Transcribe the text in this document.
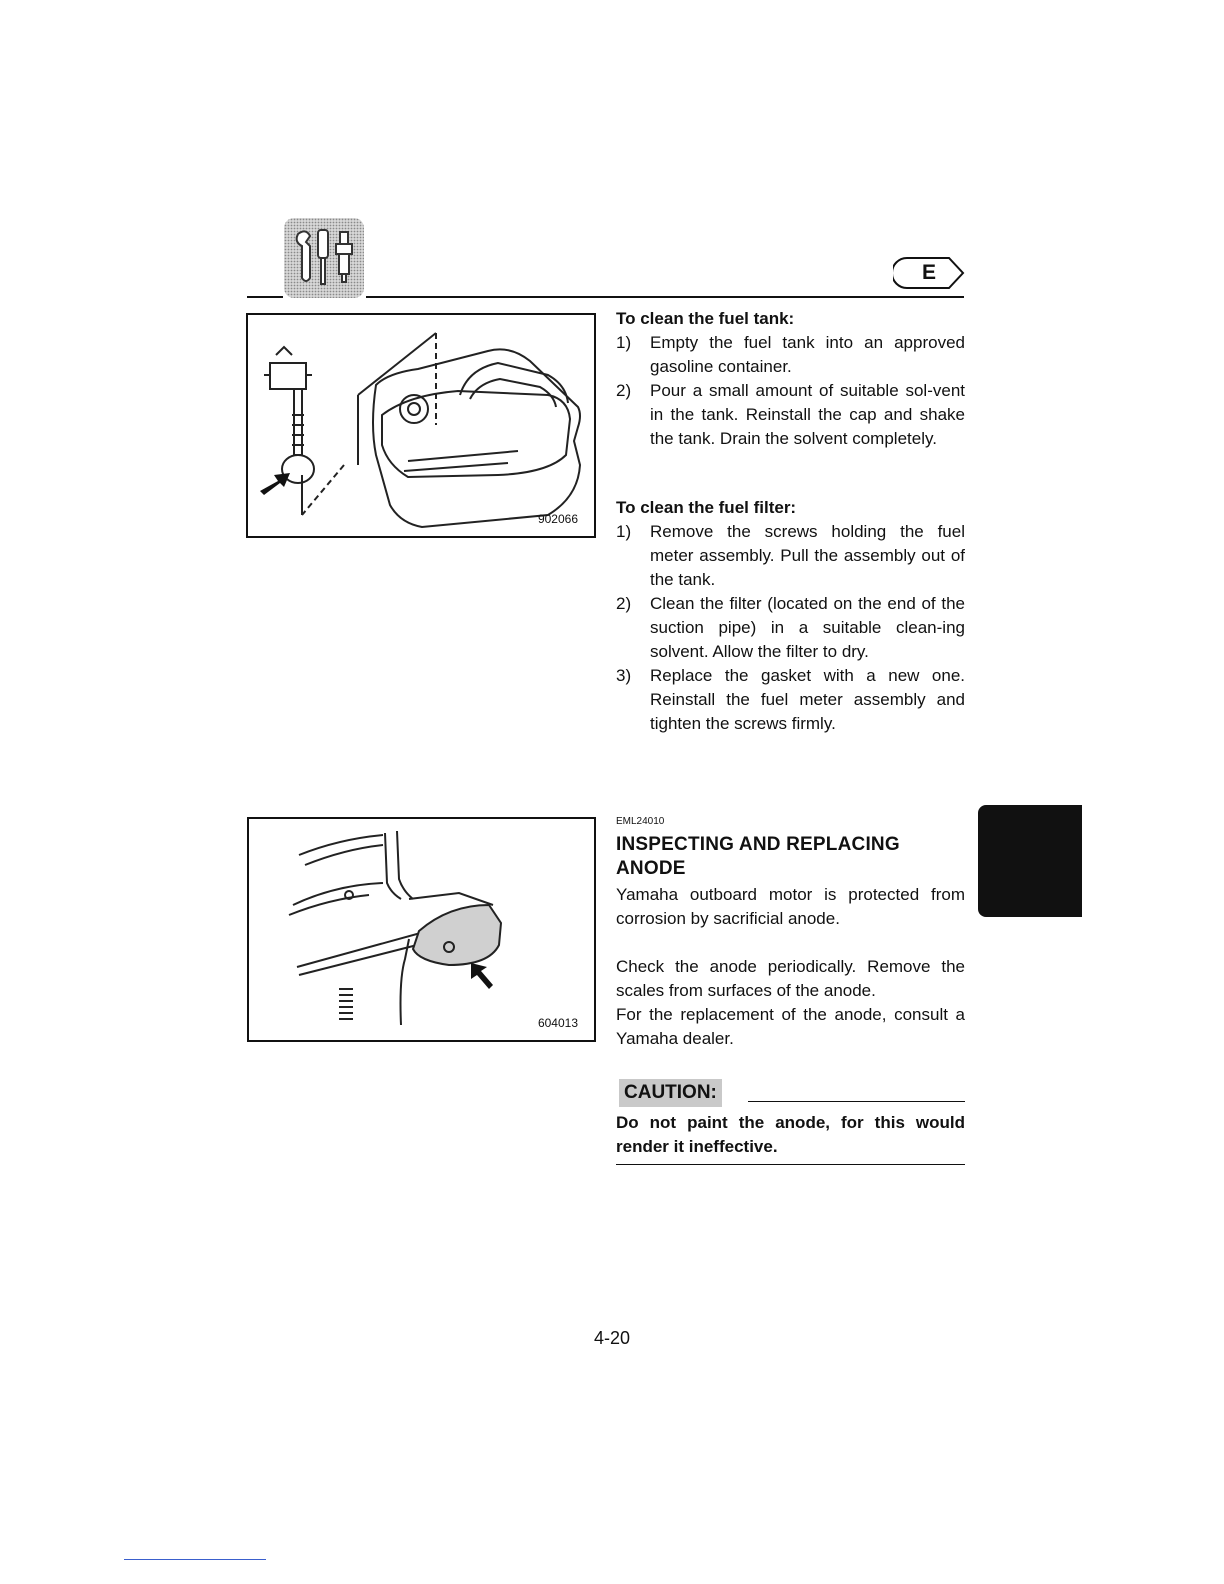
E
902066
604013
To clean the fuel tank:
1) Empty the fuel tank into an approved gasoline container.
2) Pour a small amount of suitable sol-vent in the tank. Reinstall the cap and shake the tank. Drain the solvent completely.
To clean the fuel filter:
1) Remove the screws holding the fuel meter assembly. Pull the assembly out of the tank.
2) Clean the filter (located on the end of the suction pipe) in a suitable clean-ing solvent. Allow the filter to dry.
3) Replace the gasket with a new one. Reinstall the fuel meter assembly and tighten the screws firmly.
EML24010
INSPECTING AND REPLACING
ANODE
Yamaha outboard motor is protected from corrosion by sacrificial anode.
Check the anode periodically. Remove the scales from surfaces of the anode.
For the replacement of the anode, consult a Yamaha dealer.
CAUTION:
Do not paint the anode, for this would render it ineffective.
4-20
